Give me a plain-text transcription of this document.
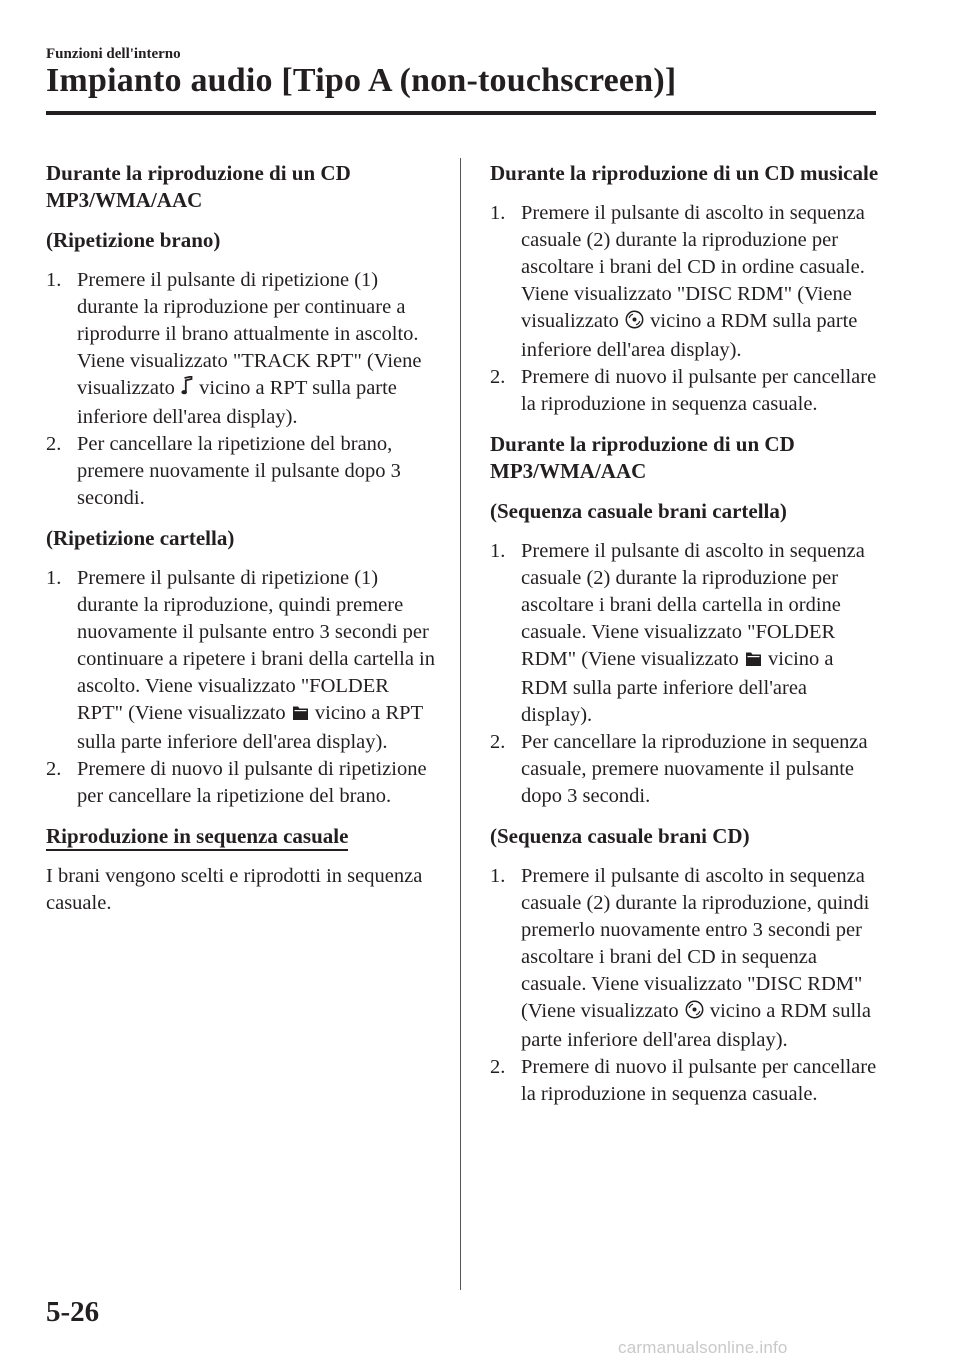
Funzioni dell'interno
Impianto audio [Tipo A (non-touchscreen)]
Durante la riproduzione di un CD MP3/WMA/AAC
(Ripetizione brano)
1. Premere il pulsante di ripetizione (1) durante la riproduzione per continuare a riprodurre il brano attualmente in ascolto. Viene visualizzato "TRACK RPT" (Viene visualizzato vicino a RPT sulla parte inferiore dell'area display).
2. Per cancellare la ripetizione del brano, premere nuovamente il pulsante dopo 3 secondi.
(Ripetizione cartella)
1. Premere il pulsante di ripetizione (1) durante la riproduzione, quindi premere nuovamente il pulsante entro 3 secondi per continuare a ripetere i brani della cartella in ascolto. Viene visualizzato "FOLDER RPT" (Viene visualizzato vicino a RPT sulla parte inferiore dell'area display).
2. Premere di nuovo il pulsante di ripetizione per cancellare la ripetizione del brano.
Riproduzione in sequenza casuale
I brani vengono scelti e riprodotti in sequenza casuale.
Durante la riproduzione di un CD musicale
1. Premere il pulsante di ascolto in sequenza casuale (2) durante la riproduzione per ascoltare i brani del CD in ordine casuale. Viene visualizzato "DISC RDM" (Viene visualizzato vicino a RDM sulla parte inferiore dell'area display).
2. Premere di nuovo il pulsante per cancellare la riproduzione in sequenza casuale.
Durante la riproduzione di un CD MP3/WMA/AAC
(Sequenza casuale brani cartella)
1. Premere il pulsante di ascolto in sequenza casuale (2) durante la riproduzione per ascoltare i brani della cartella in ordine casuale. Viene visualizzato "FOLDER RDM" (Viene visualizzato vicino a RDM sulla parte inferiore dell'area display).
2. Per cancellare la riproduzione in sequenza casuale, premere nuovamente il pulsante dopo 3 secondi.
(Sequenza casuale brani CD)
1. Premere il pulsante di ascolto in sequenza casuale (2) durante la riproduzione, quindi premerlo nuovamente entro 3 secondi per ascoltare i brani del CD in sequenza casuale. Viene visualizzato "DISC RDM" (Viene visualizzato vicino a RDM sulla parte inferiore dell'area display).
2. Premere di nuovo il pulsante per cancellare la riproduzione in sequenza casuale.
5-26
carmanualsonline.info
